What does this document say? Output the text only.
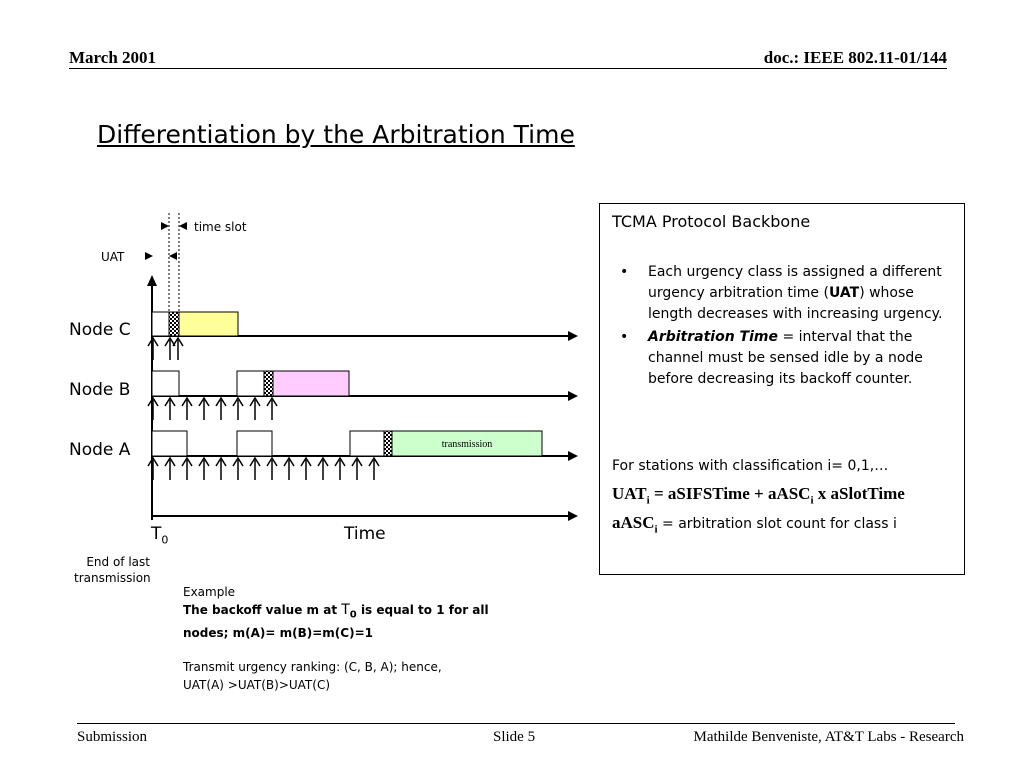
March 2001	doc.: IEEE 802.11-01/144
Differentiation by the Arbitration Time
transmission
time slot
UAT
Node C
Node B
Node A
$T_0$	Time
End of last
transmission
Example
The backoff value m at $T_0$ is equal to 1 for all
nodes; m(A)= m(B)=m(C)=1
Transmit urgency ranking: (C, B, A); hence,
UAT(A) >UAT(B)>UAT(C)

TCMA Protocol Backbone

• Each urgency class is assigned a different urgency arbitration time (UAT) whose length decreases with increasing urgency.
• Arbitration Time = interval that the channel must be sensed idle by a node before decreasing its backoff counter.

For stations with classification i= 0,1,…

$UAT_i$ = aSIFSTime + aASC$_i$ x aSlotTime

aASC$_i$ = arbitration slot count for class i

Submission	Slide 5	Mathilde Benveniste, AT&T Labs - Research
